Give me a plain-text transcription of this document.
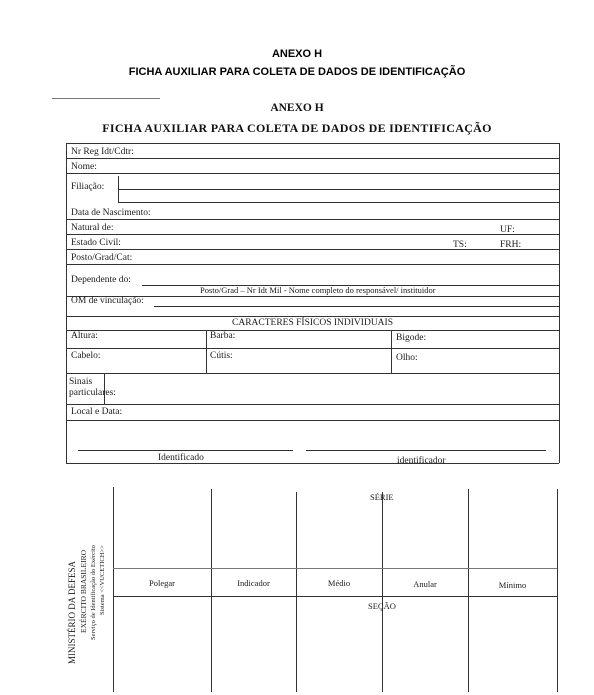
ANEXO H
FICHA AUXILIAR PARA COLETA DE DADOS DE IDENTIFICAÇÃO
ANEXO H
FICHA AUXILIAR PARA COLETA DE DADOS DE IDENTIFICAÇÃO
Nr Reg Idt/Cdtr:
Nome:
Filiação:
Data de Nascimento:
Natural de:	UF:
Estado Civil:	TS:	FRH:
Posto/Grad/Cat:
Dependente do:
Posto/Grad – Nr Idt Mil - Nome completo do responsável/ instituidor
OM de vinculação:
CARACTERES FÍSICOS INDIVIDUAIS
Altura:	Barba:	Bigode:
Cabelo:	Cútis:	Olho:
Sinais
particulares:
Local e Data:
Identificado	identificador
SÉRIE
SEÇÃO
Polegar	Indicador	Médio	Anular	Mínimo
MINISTÉRIO DA DEFESA EXÉRCITO BRASILEIRO Serviço de Identificação do Exército Sistema <<VUCETICH>>
